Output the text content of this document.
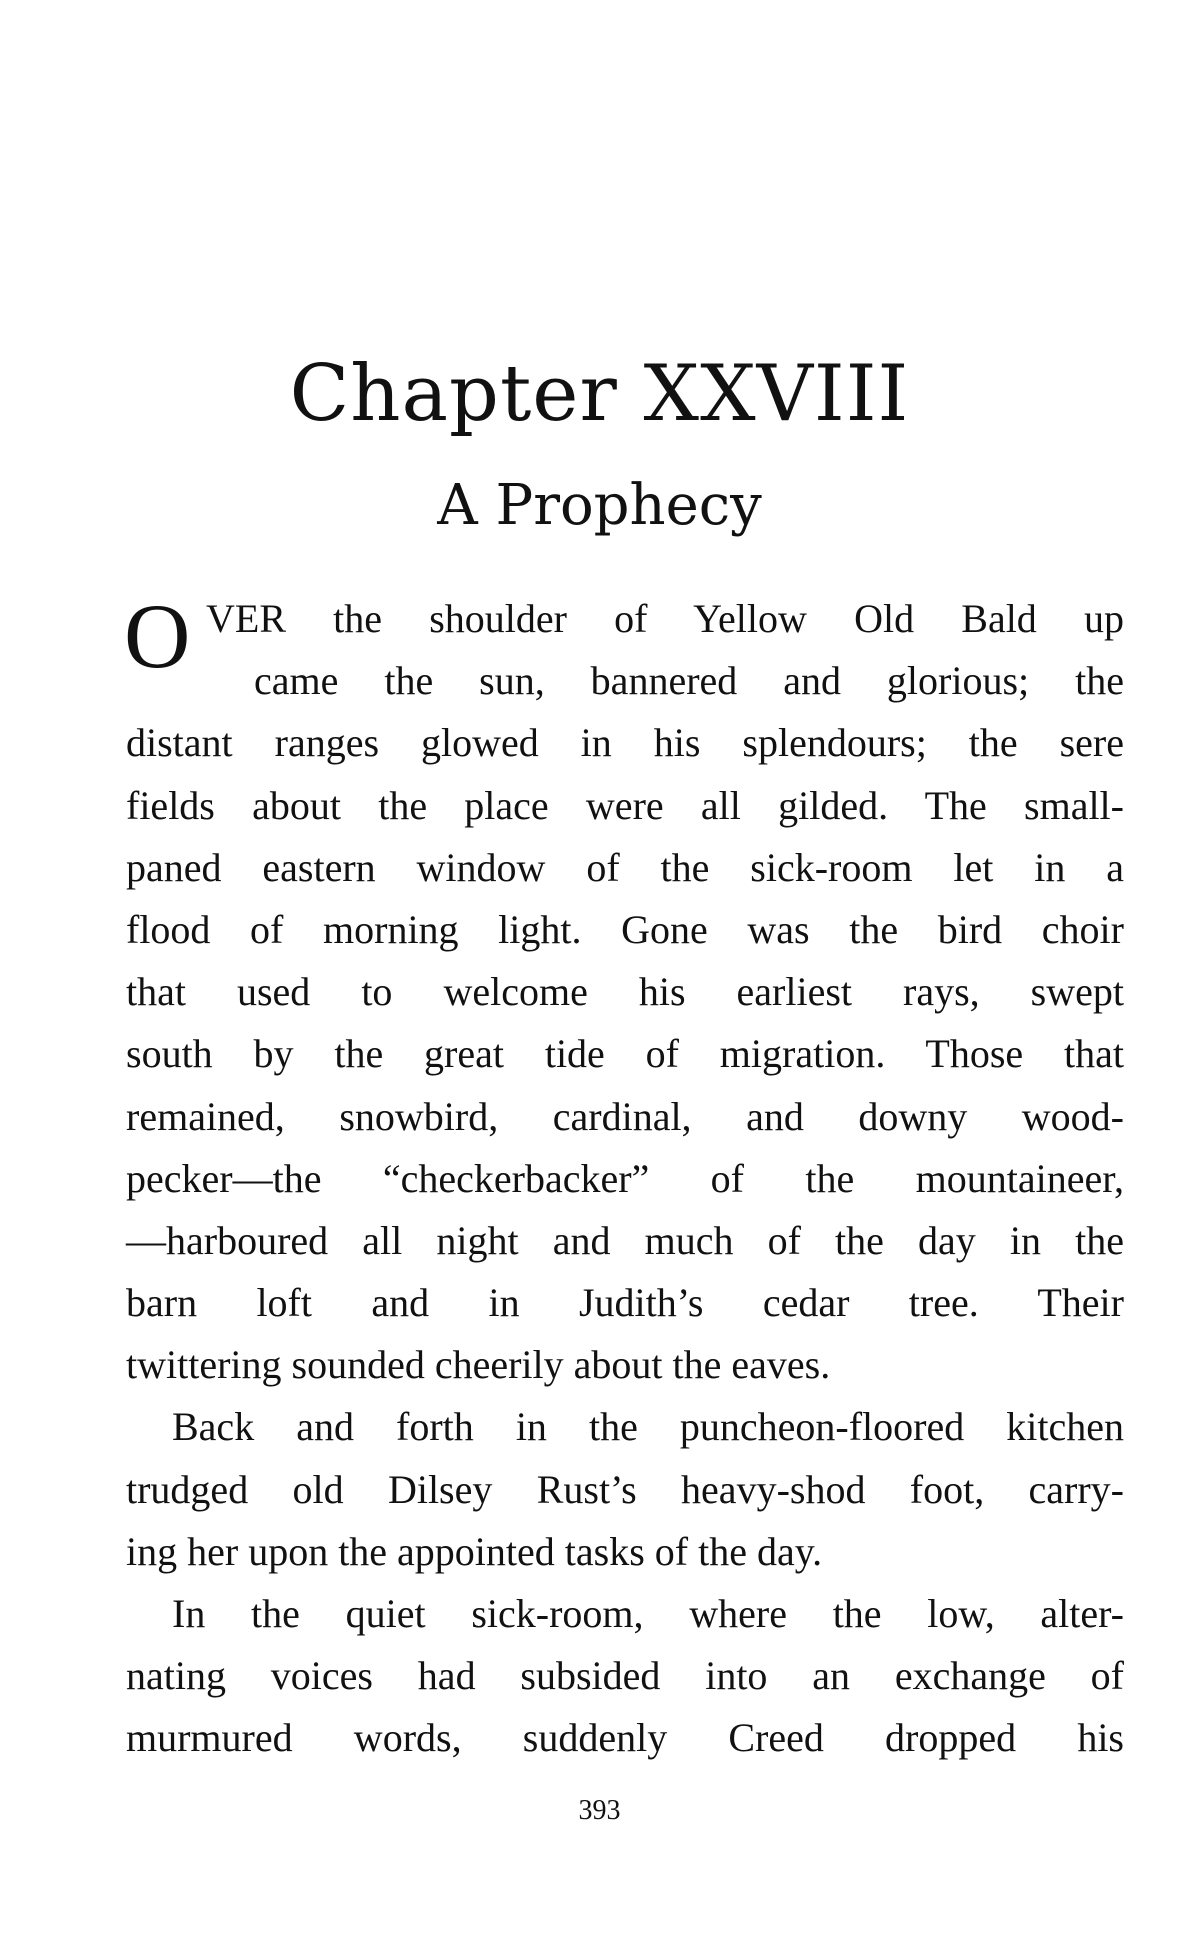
Chapter XXVIII
A Prophecy
O VER the shoulder of Yellow Old Bald up
came the sun, bannered and glorious; the
distant ranges glowed in his splendours; the sere
fields about the place were all gilded. The small-
paned eastern window of the sick-room let in a
flood of morning light. Gone was the bird choir
that used to welcome his earliest rays, swept
south by the great tide of migration. Those that
remained, snowbird, cardinal, and downy wood-
pecker—the “checkerbacker” of the mountaineer,
—harboured all night and much of the day in the
barn loft and in Judith’s cedar tree. Their
twittering sounded cheerily about the eaves.
Back and forth in the puncheon-floored kitchen
trudged old Dilsey Rust’s heavy-shod foot, carry-
ing her upon the appointed tasks of the day.
In the quiet sick-room, where the low, alter-
nating voices had subsided into an exchange of
murmured words, suddenly Creed dropped his
393
